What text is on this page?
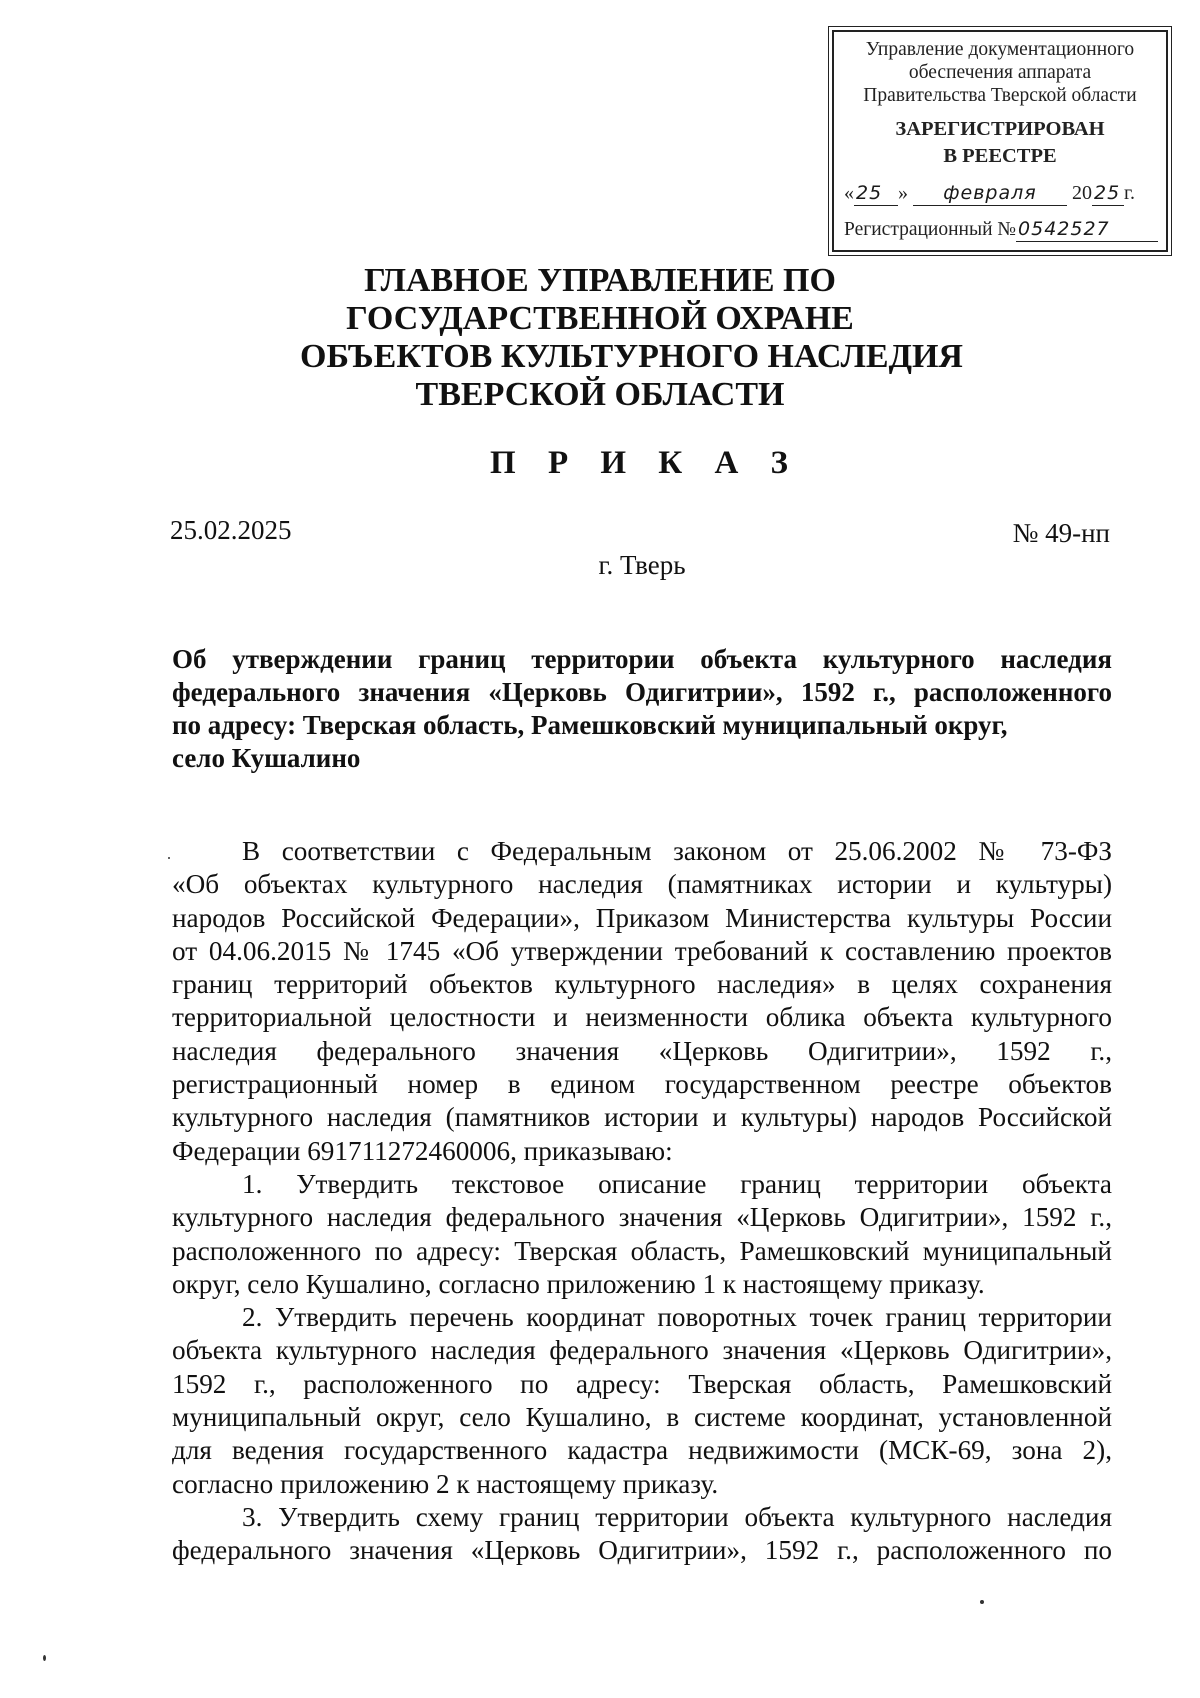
Управление документационного
обеспечения аппарата
Правительства Тверской области
ЗАРЕГИСТРИРОВАН
В РЕЕСТРЕ
« 25 » февраля 20 25 г.
Регистрационный № 0542527
ГЛАВНОЕ УПРАВЛЕНИЕ ПО
ГОСУДАРСТВЕННОЙ ОХРАНЕ
ОБЪЕКТОВ КУЛЬТУРНОГО НАСЛЕДИЯ
ТВЕРСКОЙ ОБЛАСТИ
П Р И К А З
25.02.2025	№ 49-нп
г. Тверь
Об утверждении границ территории объекта культурного наследия
федерального значения «Церковь Одигитрии», 1592 г., расположенного
по адресу: Тверская область, Рамешковский муниципальный округ,
село Кушалино
В соответствии с Федеральным законом от 25.06.2002 № 73-ФЗ
«Об объектах культурного наследия (памятниках истории и культуры)
народов Российской Федерации», Приказом Министерства культуры России
от 04.06.2015 № 1745 «Об утверждении требований к составлению проектов
границ территорий объектов культурного наследия» в целях сохранения
территориальной целостности и неизменности облика объекта культурного
наследия федерального значения «Церковь Одигитрии», 1592 г.,
регистрационный номер в едином государственном реестре объектов
культурного наследия (памятников истории и культуры) народов Российской
Федерации 691711272460006, приказываю:
1. Утвердить текстовое описание границ территории объекта
культурного наследия федерального значения «Церковь Одигитрии», 1592 г.,
расположенного по адресу: Тверская область, Рамешковский муниципальный
округ, село Кушалино, согласно приложению 1 к настоящему приказу.
2. Утвердить перечень координат поворотных точек границ территории
объекта культурного наследия федерального значения «Церковь Одигитрии»,
1592 г., расположенного по адресу: Тверская область, Рамешковский
муниципальный округ, село Кушалино, в системе координат, установленной
для ведения государственного кадастра недвижимости (МСК-69, зона 2),
согласно приложению 2 к настоящему приказу.
3. Утвердить схему границ территории объекта культурного наследия
федерального значения «Церковь Одигитрии», 1592 г., расположенного по
